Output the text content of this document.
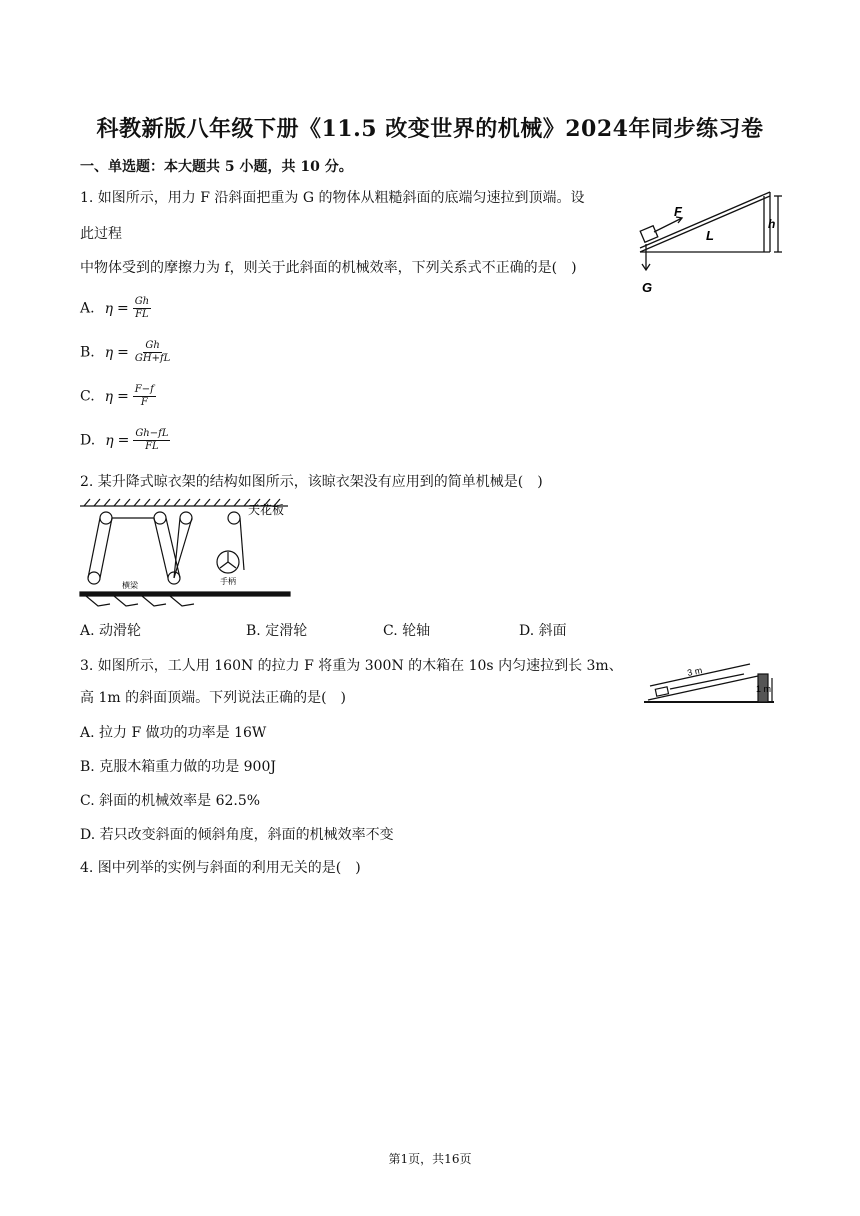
科教新版八年级下册《11.5 改变世界的机械》2024年同步练习卷
一、单选题：本大题共 5 小题，共 10 分。
1. 如图所示，用力 F 沿斜面把重为 G 的物体从粗糙斜面的底端匀速拉到顶端。设
此过程
中物体受到的摩擦力为 f，则关于此斜面的机械效率，下列关系式不正确的是(　)
A. $\eta = \frac{Gh}{FL}$
B. $\eta = \frac{Gh}{GH+fL}$
C. $\eta = \frac{F-f}{F}$
D. $\eta = \frac{Gh-fL}{FL}$
F
L
h
G
2. 某升降式晾衣架的结构如图所示，该晾衣架没有应用到的简单机械是(　)
天花板
横梁	手柄
A. 动滑轮	B. 定滑轮	C. 轮轴	D. 斜面
3. 如图所示，工人用 160N 的拉力 F 将重为 300N 的木箱在 10s 内匀速拉到长 3m、
高 1m 的斜面顶端。下列说法正确的是(　)
3 m
1 m
A. 拉力 F 做功的功率是 16W
B. 克服木箱重力做的功是 900J
C. 斜面的机械效率是 62.5%
D. 若只改变斜面的倾斜角度，斜面的机械效率不变
4. 图中列举的实例与斜面的利用无关的是(　)
第1页，共16页
